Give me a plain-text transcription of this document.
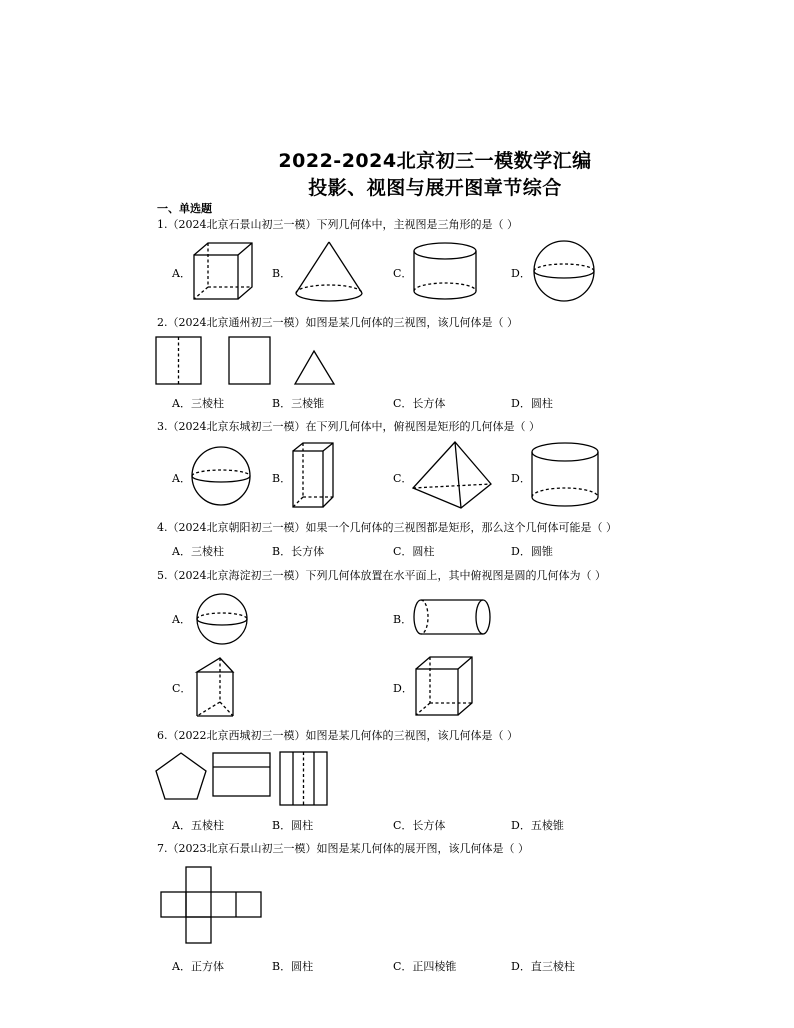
2022-2024北京初三一模数学汇编
投影、视图与展开图章节综合
一、单选题
1.（2024北京石景山初三一模）下列几何体中，主视图是三角形的是（ ）
A．	B．	C．	D．
2.（2024北京通州初三一模）如图是某几何体的三视图，该几何体是（ ）
A．三棱柱	B．三棱锥	C．长方体	D．圆柱
3.（2024北京东城初三一模）在下列几何体中，俯视图是矩形的几何体是（ ）
A．	B．	C．	D．
4.（2024北京朝阳初三一模）如果一个几何体的三视图都是矩形，那么这个几何体可能是（ ）
A．三棱柱	B．长方体	C．圆柱	D．圆锥
5.（2024北京海淀初三一模）下列几何体放置在水平面上，其中俯视图是圆的几何体为（ ）
A．	B．
C．	D．
6.（2022北京西城初三一模）如图是某几何体的三视图，该几何体是（ ）
A．五棱柱	B．圆柱	C．长方体	D．五棱锥
7.（2023北京石景山初三一模）如图是某几何体的展开图，该几何体是（ ）
A．正方体	B．圆柱	C．正四棱锥	D．直三棱柱
